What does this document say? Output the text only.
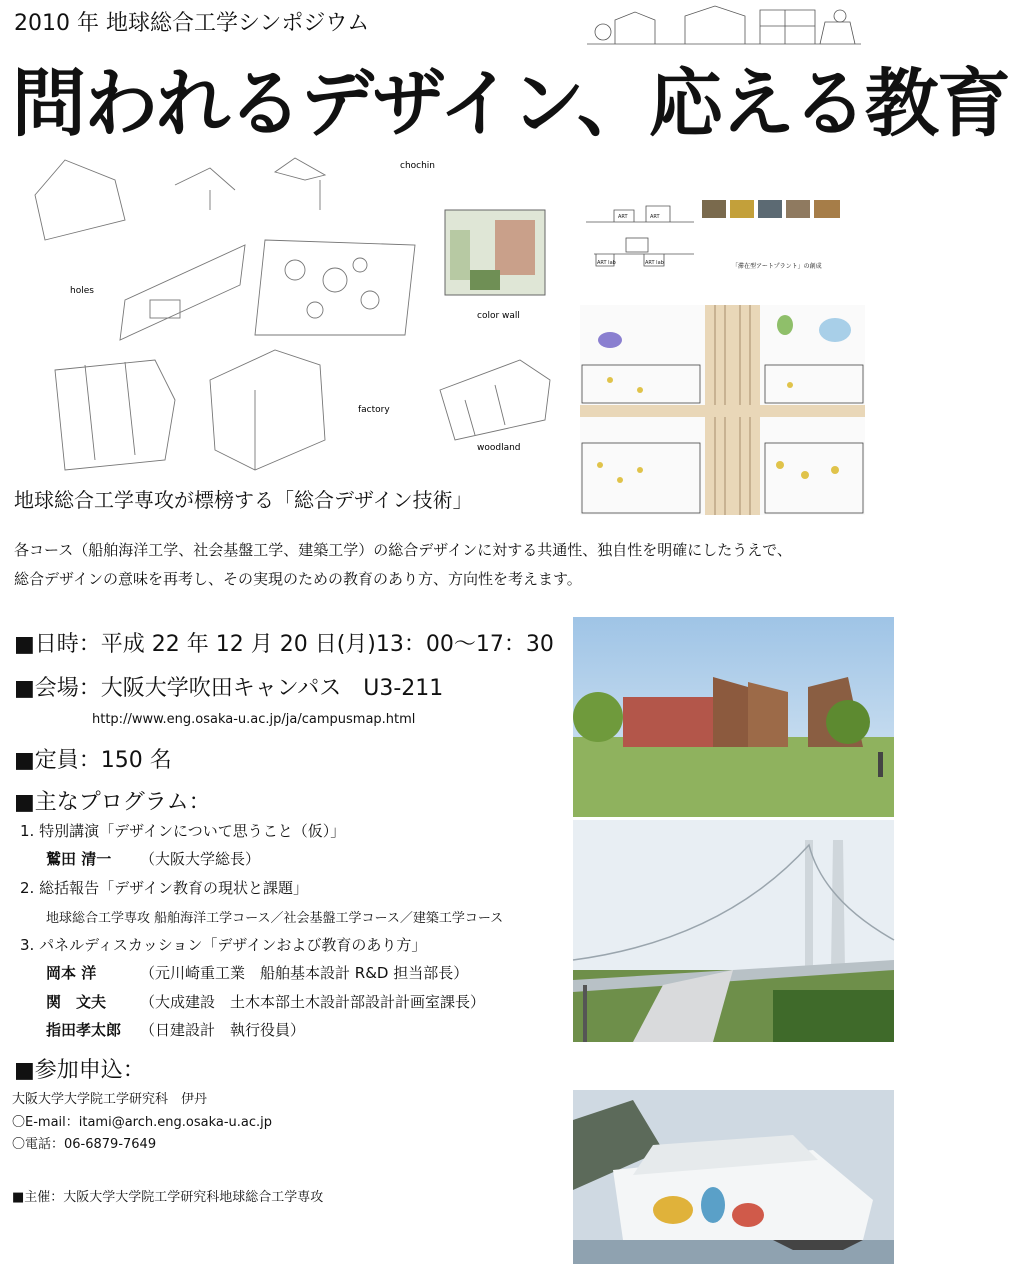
2010 年 地球総合工学シンポジウム
問われるデザイン、応える教育
chochin
holes
color wall
factory
woodland
ART	ART
ART lab	ART lab	「滞在型アートプラント」の創成
地球総合工学専攻が標榜する「総合デザイン技術」
各コース（船舶海洋工学、社会基盤工学、建築工学）の総合デザインに対する共通性、独自性を明確にしたうえで、
総合デザインの意味を再考し、その実現のための教育のあり方、方向性を考えます。
■日時：平成 22 年 12 月 20 日(月)13：00～17：30
■会場：大阪大学吹田キャンパス　U3-211
http://www.eng.osaka-u.ac.jp/ja/campusmap.html
■定員：150 名
■主なプログラム：
1. 特別講演「デザインについて思うこと（仮）」
鷲田 清一 （大阪大学総長）
2. 総括報告「デザイン教育の現状と課題」
地球総合工学専攻 船舶海洋工学コース／社会基盤工学コース／建築工学コース
3. パネルディスカッション「デザインおよび教育のあり方」
岡本 洋	（元川崎重工業　船舶基本設計 R&D 担当部長）
関　文夫 （大成建設　土木本部土木設計部設計計画室課長）
指田孝太郎 （日建設計　執行役員）
■参加申込：
大阪大学大学院工学研究科　伊丹
〇E-mail：itami@arch.eng.osaka-u.ac.jp
〇電話：06-6879-7649
■主催：大阪大学大学院工学研究科地球総合工学専攻
